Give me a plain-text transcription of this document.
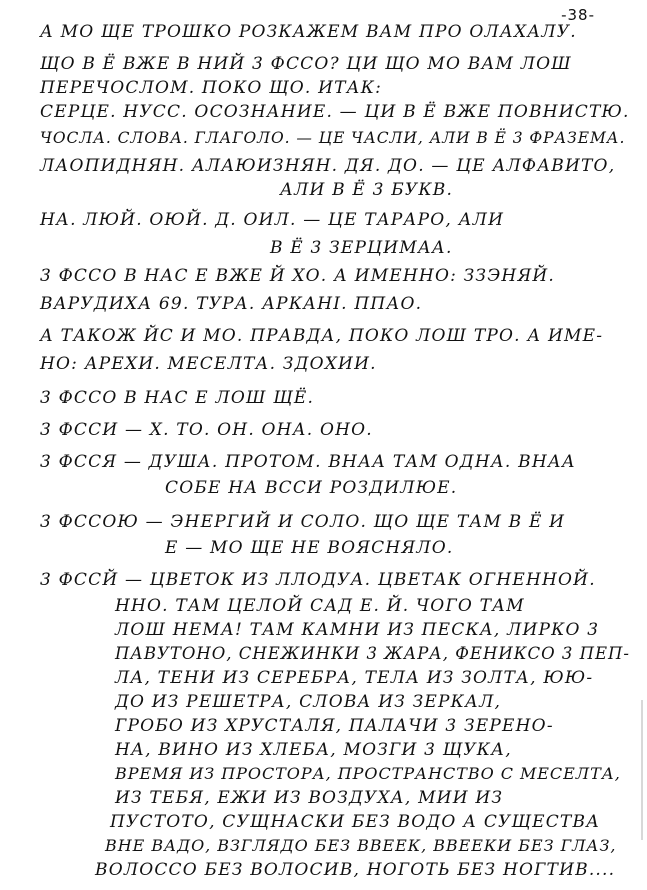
-38-
А МО ЩЕ ТРОШКО РОЗКАЖЕМ ВАМ ПРО ОЛАХАЛУ.
ЩО В Ё ВЖЕ В НИЙ 3 ФССО? ЦИ ЩО МО ВАМ ЛОШ
ПЕРЕЧОСЛОМ. ПОКО ЩО. ИТАК:
СЕРЦЕ. НУСС. ОСОЗНАНИЕ. — ЦИ В Ё ВЖЕ ПОВНИСТЮ.
ЧОСЛА. СЛОВА. ГЛАГОЛО. — ЦЕ ЧАСЛИ, АЛИ В Ё 3 ФРАЗЕМА.
ЛАОПИДНЯН. АЛАЮИЗНЯН. ДЯ. ДО. — ЦЕ АЛФАВИТО,
АЛИ В Ё 3 БУКВ.
НА. ЛЮЙ. ОЮЙ. Д. ОИЛ. — ЦЕ ТАРАРО, АЛИ
В Ё 3 ЗЕРЦИМАА.
3 ФССО В НАС Е ВЖЕ Й ХО. А ИМЕННО: ЗЗЭНЯЙ.
ВАРУДИХА 69. ТУРА. АРКАНІ. ППАО.
А ТАКОЖ ЙС И МО. ПРАВДА, ПОКО ЛОШ ТРО. А ИМЕ-
НО: АРЕХИ. МЕСЕЛТА. ЗДОХИИ.
3 ФССО В НАС Е ЛОШ ЩЁ.
3 ФССИ — Х. ТО. ОН. ОНА. ОНО.
3 ФССЯ — ДУША. ПРОТОМ. ВНАА ТАМ ОДНА. ВНАА
СОБЕ НА ВССИ РОЗДИЛЮЕ.
3 ФССОЮ — ЭНЕРГИЙ И СОЛО. ЩО ЩЕ ТАМ В Ё И
Е — МО ЩЕ НЕ ВОЯСНЯЛО.
3 ФССЙ — ЦВЕТОК ИЗ ЛЛОДУА. ЦВЕТАК ОГНЕННОЙ.
ННО. ТАМ ЦЕЛОЙ САД Е. Й. ЧОГО ТАМ
ЛОШ НЕМА! ТАМ КАМНИ ИЗ ПЕСКА, ЛИРКО 3
ПАВУТОНО, СНЕЖИНКИ 3 ЖАРА, ФЕНИКСО 3 ПЕП-
ЛА, ТЕНИ ИЗ СЕРЕБРА, ТЕЛА ИЗ ЗОЛТА, ЮЮ-
ДО ИЗ РЕШЕТРА, СЛОВА ИЗ ЗЕРКАЛ,
ГРОБО ИЗ ХРУСТАЛЯ, ПАЛАЧИ 3 ЗЕРЕНО-
НА, ВИНО ИЗ ХЛЕБА, МОЗГИ 3 ЩУКА,
ВРЕМЯ ИЗ ПРОСТОРА, ПРОСТРАНСТВО С МЕСЕЛТА,
ИЗ ТЕБЯ, ЕЖИ ИЗ ВОЗДУХА, МИИ ИЗ
ПУСТОТО, СУЩНАСКИ БЕЗ ВОДО А СУЩЕСТВА
ВНЕ ВАДО, ВЗГЛЯДО БЕЗ ВВЕЕК, ВВЕЕКИ БЕЗ ГЛАЗ,
ВОЛОССО БЕЗ ВОЛОСИВ, НОГОТЬ БЕЗ НОГТИВ....
